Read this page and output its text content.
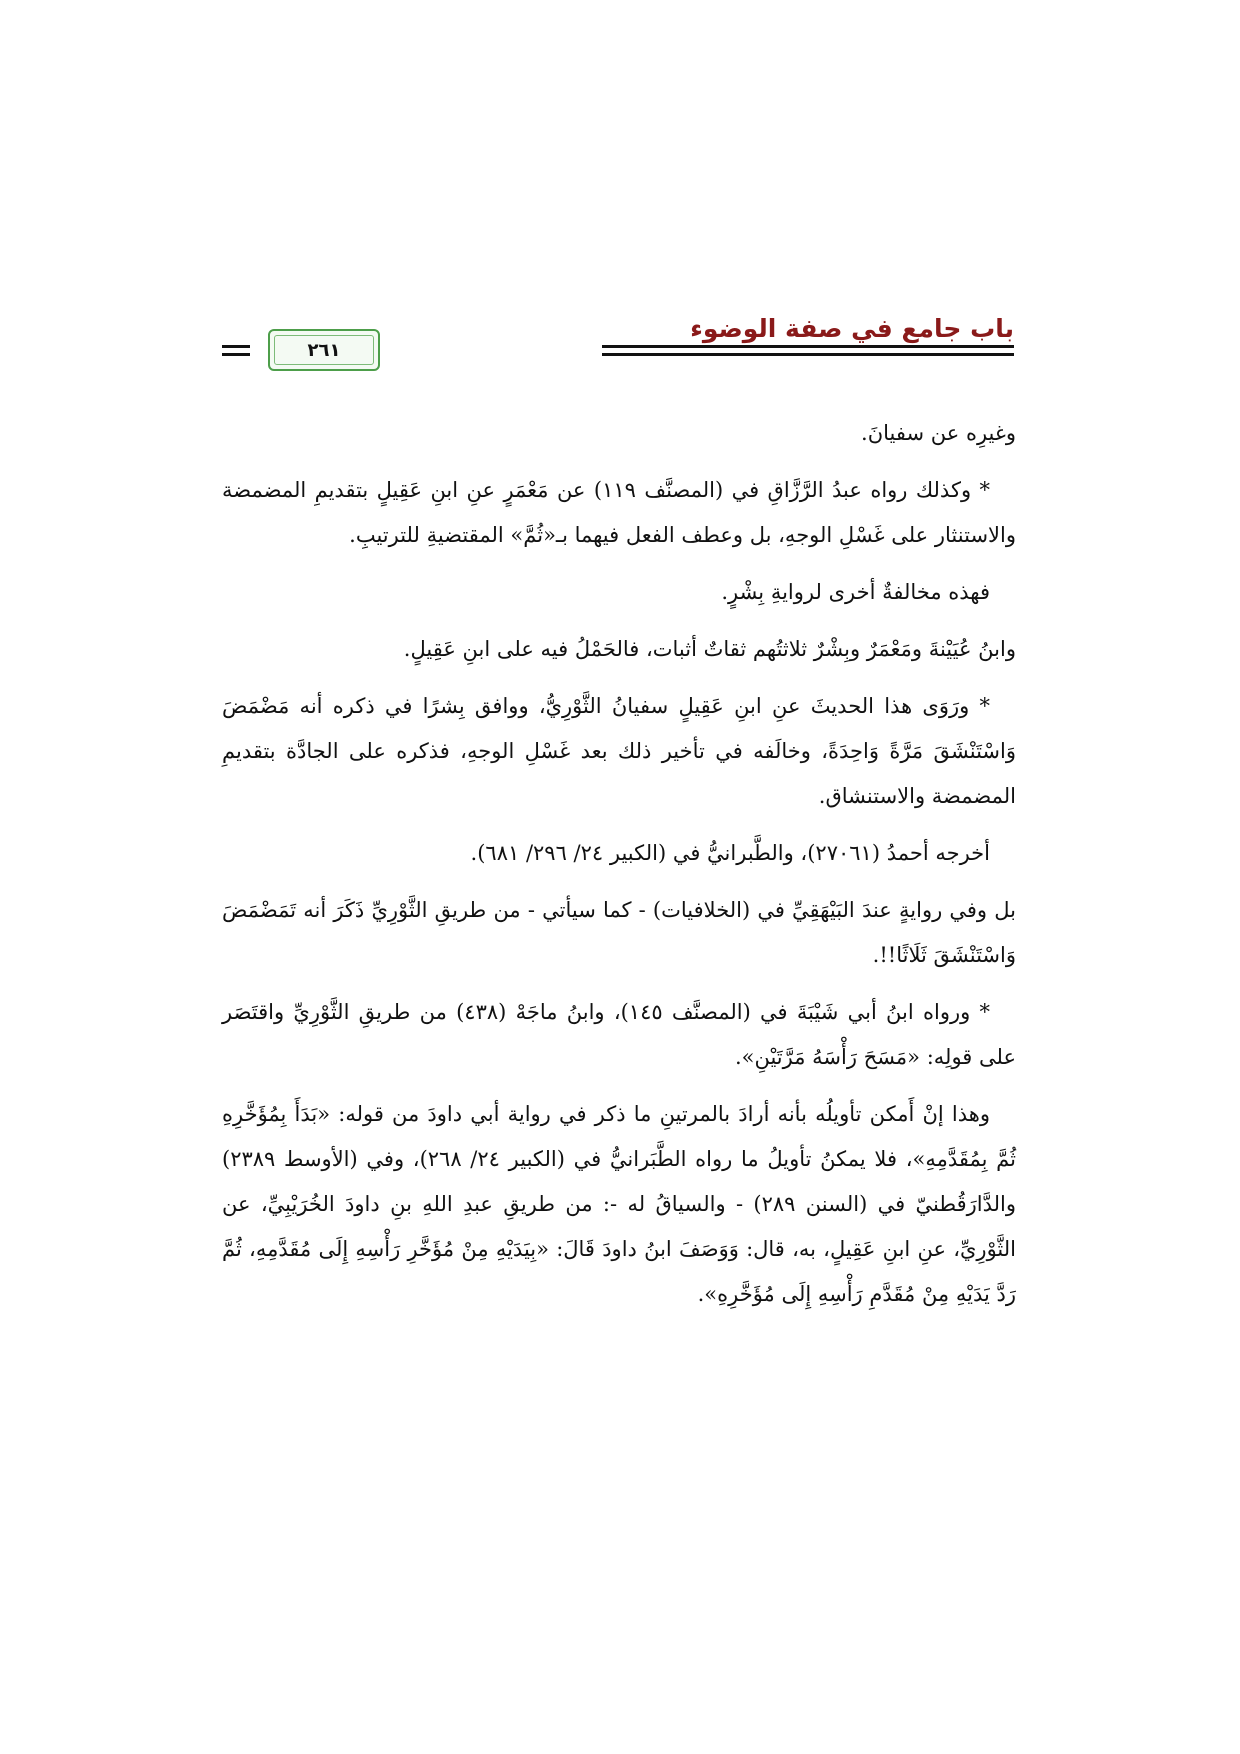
باب جامع في صفة الوضوء
٢٦١

وغيرِه عن سفيانَ.

* وكذلك رواه عبدُ الرَّزَّاقِ في (المصنَّف ١١٩) عن مَعْمَرٍ عنِ ابنِ عَقِيلٍ بتقديمِ المضمضة والاستنثار على غَسْلِ الوجهِ، بل وعطف الفعل فيهما بـ«ثُمَّ» المقتضيةِ للترتيبِ.

فهذه مخالفةٌ أخرى لروايةِ بِشْرٍ.

وابنُ عُيَيْنةَ ومَعْمَرٌ وبِشْرٌ ثلاثتُهم ثقاتٌ أثبات، فالحَمْلُ فيه على ابنِ عَقِيلٍ.

* ورَوَى هذا الحديثَ عنِ ابنِ عَقِيلٍ سفيانُ الثَّوْرِيُّ، ووافق بِشرًا في ذكره أنه مَضْمَضَ وَاسْتَنْشَقَ مَرَّةً وَاحِدَةً، وخالَفه في تأخير ذلك بعد غَسْلِ الوجهِ، فذكره على الجادَّة بتقديمِ المضمضة والاستنشاق.

أخرجه أحمدُ (٢٧٠٦١)، والطَّبرانيُّ في (الكبير ٢٤/ ٢٩٦/ ٦٨١).

بل وفي روايةٍ عندَ البَيْهَقِيِّ في (الخلافيات) - كما سيأتي - من طريقِ الثَّوْرِيِّ ذَكَرَ أنه تَمَضْمَضَ وَاسْتَنْشَقَ ثَلَاثًا!!.

* ورواه ابنُ أبي شَيْبَةَ في (المصنَّف ١٤٥)، وابنُ ماجَهْ (٤٣٨) من طريقِ الثَّوْرِيِّ واقتَصَر على قولِه: «مَسَحَ رَأْسَهُ مَرَّتَيْنِ».

وهذا إنْ أَمكن تأويلُه بأنه أرادَ بالمرتينِ ما ذكر في رواية أبي داودَ من قوله: «بَدَأَ بِمُؤَخَّرِهِ ثُمَّ بِمُقَدَّمِهِ»، فلا يمكنُ تأويلُ ما رواه الطَّبَرانيُّ في (الكبير ٢٤/ ٢٦٨)، وفي (الأوسط ٢٣٨٩) والدَّارَقُطنيّ في (السنن ٢٨٩) - والسياقُ له -: من طريقِ عبدِ اللهِ بنِ داودَ الخُرَيْبِيِّ، عن الثَّوْرِيِّ، عنِ ابنِ عَقِيلٍ، به، قال: وَوَصَفَ ابنُ داودَ قَالَ: «بِيَدَيْهِ مِنْ مُؤَخَّرِ رَأْسِهِ إِلَى مُقَدَّمِهِ، ثُمَّ رَدَّ يَدَيْهِ مِنْ مُقَدَّمِ رَأْسِهِ إِلَى مُؤَخَّرِهِ».
